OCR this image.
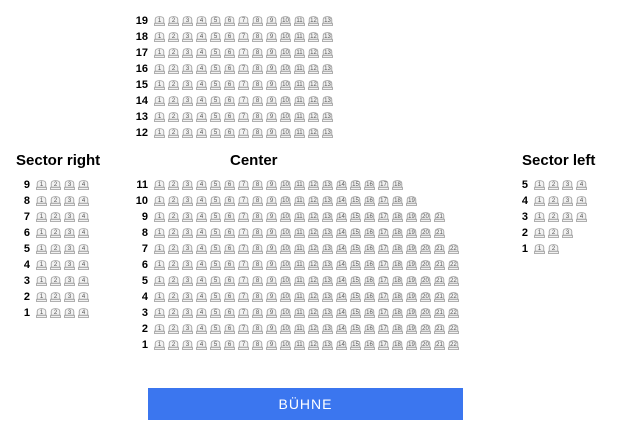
BÜHNE
Sector right
9	1	2	3	4
8	1	2	3	4
7	1	2	3	4
6	1	2	3	4
5	1	2	3	4
4	1	2	3	4
3	1	2	3	4
2	1	2	3	4
1	1	2	3	4
19	1	2	3	4	5	6	7	8	9	10	11	12	13
18	1	2	3	4	5	6	7	8	9	10	11	12	13
17	1	2	3	4	5	6	7	8	9	10	11	12	13
16	1	2	3	4	5	6	7	8	9	10	11	12	13
15	1	2	3	4	5	6	7	8	9	10	11	12	13
14	1	2	3	4	5	6	7	8	9	10	11	12	13
13	1	2	3	4	5	6	7	8	9	10	11	12	13
12	1	2	3	4	5	6	7	8	9	10	11	12	13
Center
11	1	2	3	4	5	6	7	8	9	10	11	12	13	14	15	16	17	18
10	1	2	3	4	5	6	7	8	9	10	11	12	13	14	15	16	17	18	19
9	1	2	3	4	5	6	7	8	9	10	11	12	13	14	15	16	17	18	19	20	21
8	1	2	3	4	5	6	7	8	9	10	11	12	13	14	15	16	17	18	19	20	21
7	1	2	3	4	5	6	7	8	9	10	11	12	13	14	15	16	17	18	19	20	21	22
6	1	2	3	4	5	6	7	8	9	10	11	12	13	14	15	16	17	18	19	20	21	22
5	1	2	3	4	5	6	7	8	9	10	11	12	13	14	15	16	17	18	19	20	21	22
4	1	2	3	4	5	6	7	8	9	10	11	12	13	14	15	16	17	18	19	20	21	22
3	1	2	3	4	5	6	7	8	9	10	11	12	13	14	15	16	17	18	19	20	21	22
2	1	2	3	4	5	6	7	8	9	10	11	12	13	14	15	16	17	18	19	20	21	22
1	1	2	3	4	5	6	7	8	9	10	11	12	13	14	15	16	17	18	19	20	21	22
Sector left
5	1	2	3	4
4	1	2	3	4
3	1	2	3	4
2	1	2	3
1	1	2
